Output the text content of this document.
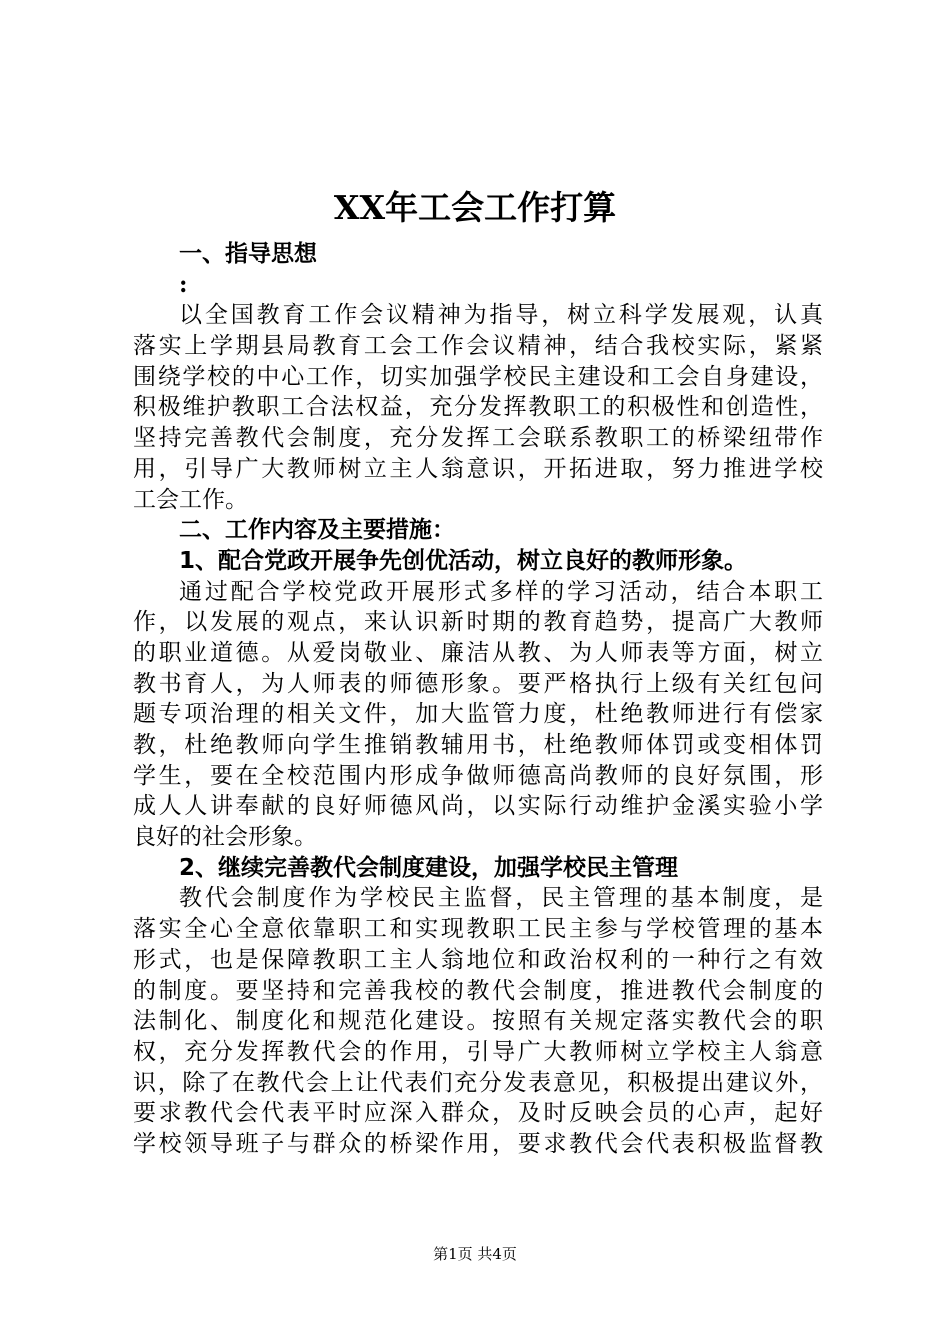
XX年工会工作打算
一、指导思想
:
以全国教育工作会议精神为指导，树立科学发展观，认真
落实上学期县局教育工会工作会议精神，结合我校实际，紧紧
围绕学校的中心工作，切实加强学校民主建设和工会自身建设，
积极维护教职工合法权益，充分发挥教职工的积极性和创造性，
坚持完善教代会制度，充分发挥工会联系教职工的桥梁纽带作
用，引导广大教师树立主人翁意识，开拓进取，努力推进学校
工会工作。
二、工作内容及主要措施：
1、配合党政开展争先创优活动，树立良好的教师形象。
通过配合学校党政开展形式多样的学习活动，结合本职工
作，以发展的观点，来认识新时期的教育趋势，提高广大教师
的职业道德。从爱岗敬业、廉洁从教、为人师表等方面，树立
教书育人，为人师表的师德形象。要严格执行上级有关红包问
题专项治理的相关文件，加大监管力度，杜绝教师进行有偿家
教，杜绝教师向学生推销教辅用书，杜绝教师体罚或变相体罚
学生，要在全校范围内形成争做师德高尚教师的良好氛围，形
成人人讲奉献的良好师德风尚，以实际行动维护金溪实验小学
良好的社会形象。
2、继续完善教代会制度建设，加强学校民主管理
教代会制度作为学校民主监督，民主管理的基本制度，是
落实全心全意依靠职工和实现教职工民主参与学校管理的基本
形式，也是保障教职工主人翁地位和政治权利的一种行之有效
的制度。要坚持和完善我校的教代会制度，推进教代会制度的
法制化、制度化和规范化建设。按照有关规定落实教代会的职
权，充分发挥教代会的作用，引导广大教师树立学校主人翁意
识，除了在教代会上让代表们充分发表意见，积极提出建议外，
要求教代会代表平时应深入群众，及时反映会员的心声，起好
学校领导班子与群众的桥梁作用，要求教代会代表积极监督教
第1页 共4页
